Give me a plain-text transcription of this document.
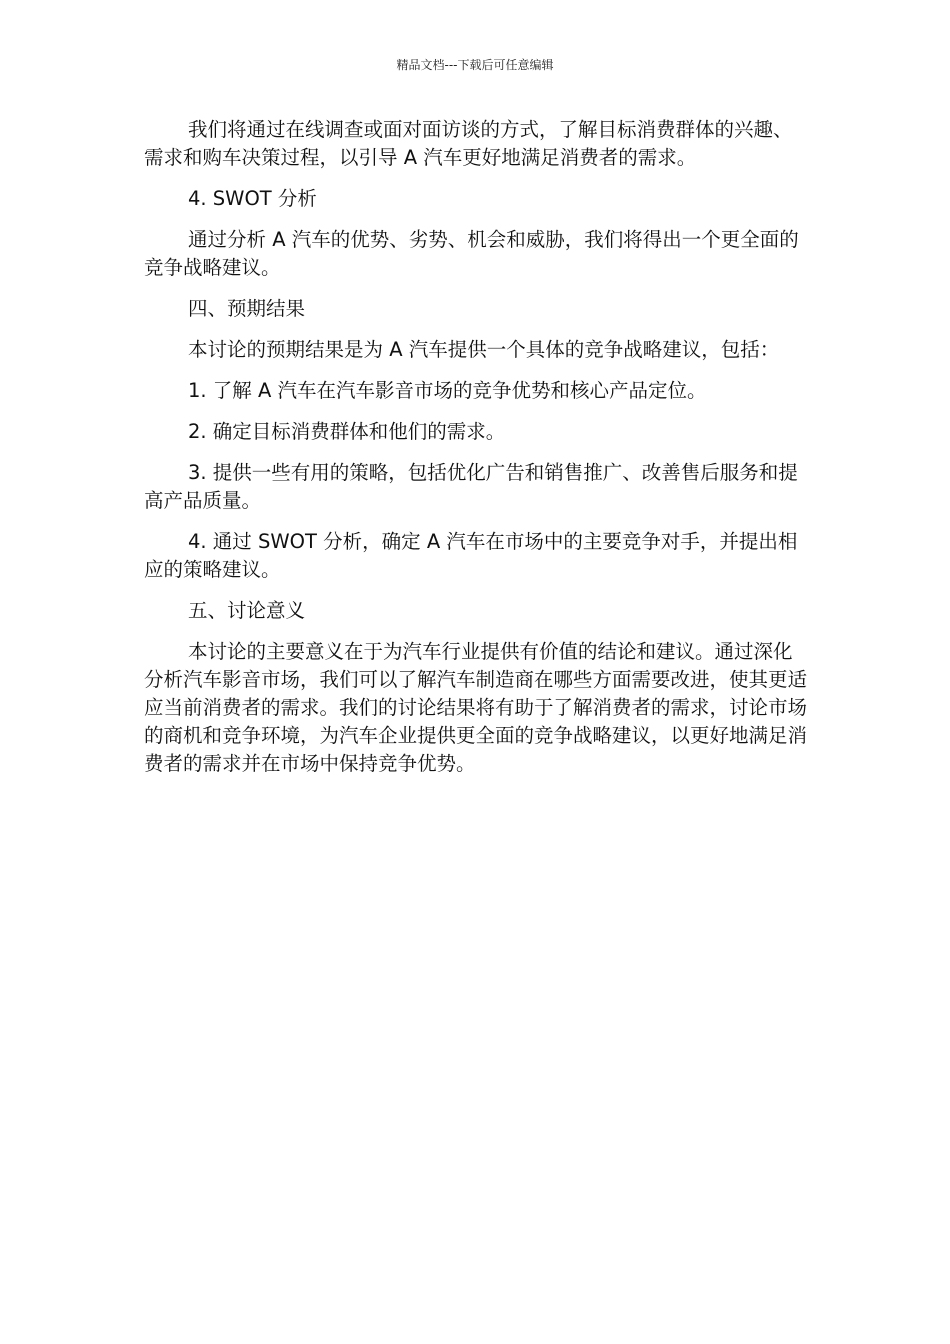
精品文档---下载后可任意编辑

我们将通过在线调查或面对面访谈的方式，了解目标消费群体的兴趣、需求和购车决策过程，以引导 A 汽车更好地满足消费者的需求。

4. SWOT 分析

通过分析 A 汽车的优势、劣势、机会和威胁，我们将得出一个更全面的竞争战略建议。

四、预期结果

本讨论的预期结果是为 A 汽车提供一个具体的竞争战略建议，包括：

1. 了解 A 汽车在汽车影音市场的竞争优势和核心产品定位。

2. 确定目标消费群体和他们的需求。

3. 提供一些有用的策略，包括优化广告和销售推广、改善售后服务和提高产品质量。

4. 通过 SWOT 分析，确定 A 汽车在市场中的主要竞争对手，并提出相应的策略建议。

五、讨论意义

本讨论的主要意义在于为汽车行业提供有价值的结论和建议。通过深化分析汽车影音市场，我们可以了解汽车制造商在哪些方面需要改进，使其更适应当前消费者的需求。我们的讨论结果将有助于了解消费者的需求，讨论市场的商机和竞争环境，为汽车企业提供更全面的竞争战略建议，以更好地满足消费者的需求并在市场中保持竞争优势。
